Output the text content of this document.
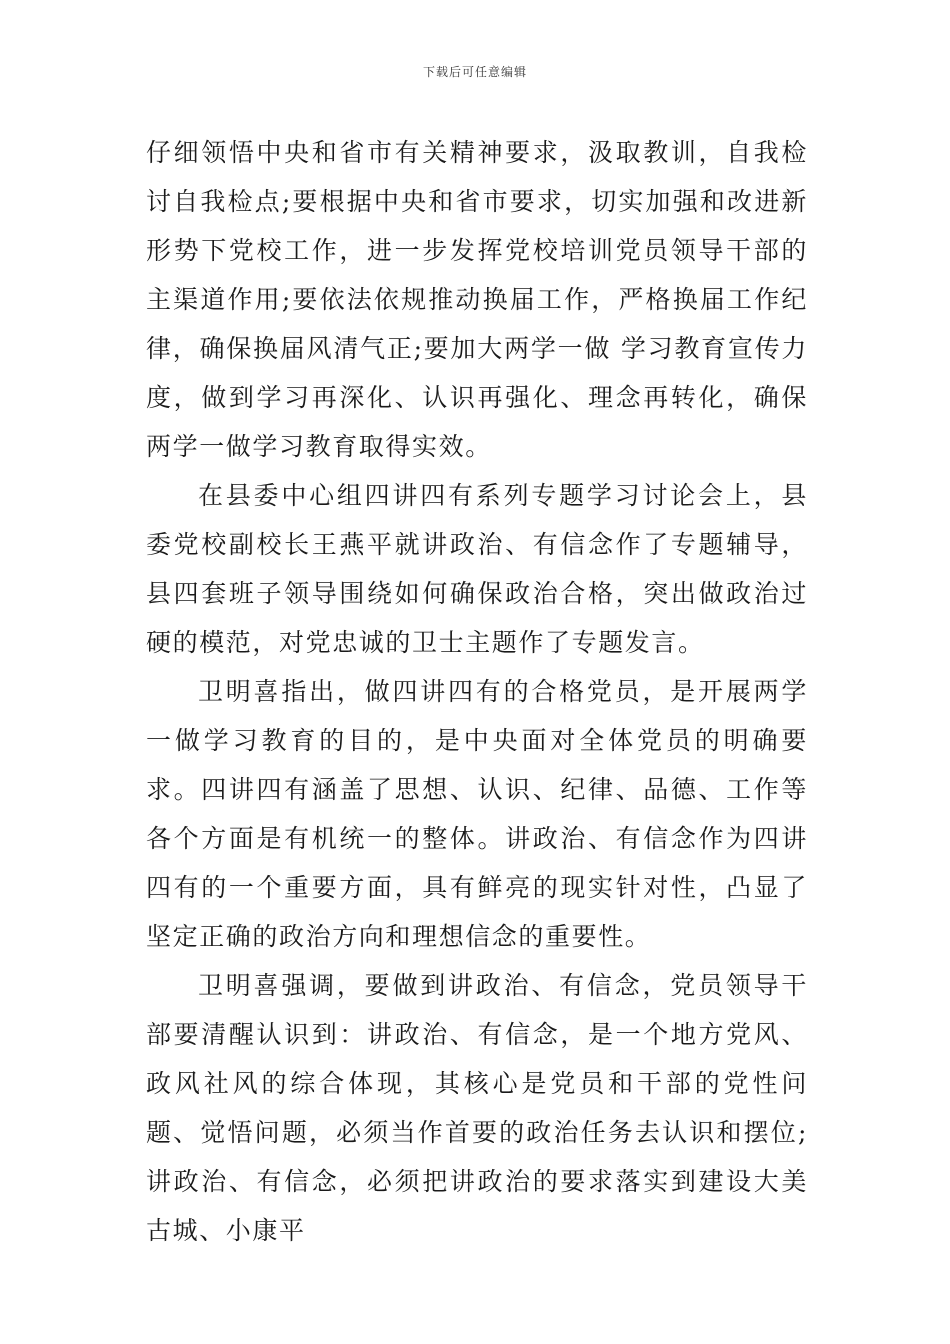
下载后可任意编辑

仔细领悟中央和省市有关精神要求，汲取教训，自我检讨自我检点;要根据中央和省市要求，切实加强和改进新形势下党校工作，进一步发挥党校培训党员领导干部的主渠道作用;要依法依规推动换届工作，严格换届工作纪律，确保换届风清气正;要加大两学一做 学习教育宣传力度，做到学习再深化、认识再强化、理念再转化，确保两学一做学习教育取得实效。

在县委中心组四讲四有系列专题学习讨论会上，县委党校副校长王燕平就讲政治、有信念作了专题辅导，县四套班子领导围绕如何确保政治合格，突出做政治过硬的模范，对党忠诚的卫士主题作了专题发言。

卫明喜指出，做四讲四有的合格党员，是开展两学一做学习教育的目的，是中央面对全体党员的明确要求。四讲四有涵盖了思想、认识、纪律、品德、工作等各个方面是有机统一的整体。讲政治、有信念作为四讲四有的一个重要方面，具有鲜亮的现实针对性，凸显了坚定正确的政治方向和理想信念的重要性。

卫明喜强调，要做到讲政治、有信念，党员领导干部要清醒认识到：讲政治、有信念，是一个地方党风、政风社风的综合体现，其核心是党员和干部的党性问题、觉悟问题，必须当作首要的政治任务去认识和摆位;讲政治、有信念，必须把讲政治的要求落实到建设大美古城、小康平
